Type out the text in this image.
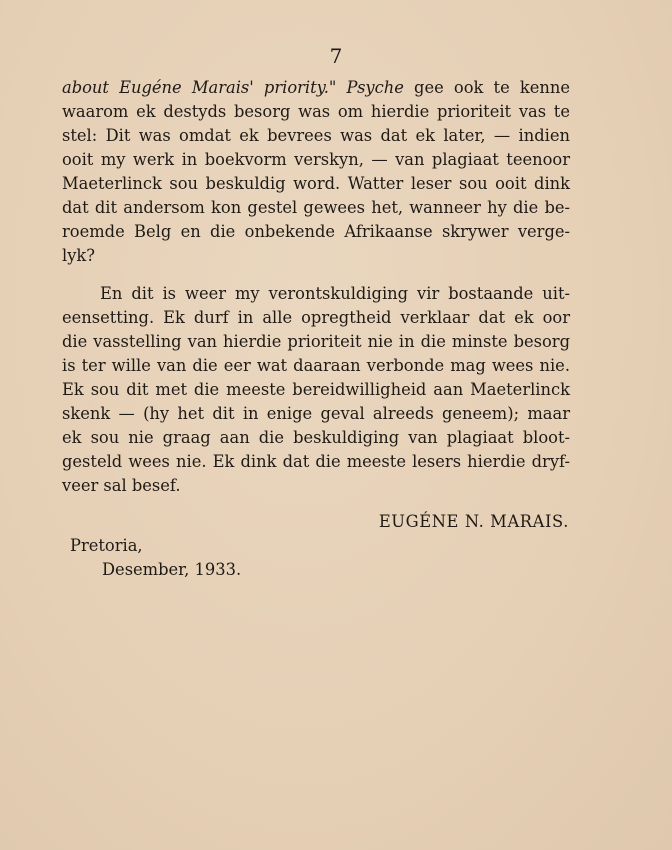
7
about Eugéne Marais' priority." Psyche gee ook te kenne
waarom ek destyds besorg was om hierdie prioriteit vas te
stel: Dit was omdat ek bevrees was dat ek later, — indien
ooit my werk in boekvorm verskyn, — van plagiaat teenoor
Maeterlinck sou beskuldig word. Watter leser sou ooit dink
dat dit andersom kon gestel gewees het, wanneer hy die be-
roemde Belg en die onbekende Afrikaanse skrywer verge-
lyk?
En dit is weer my verontskuldiging vir bostaande uit-
eensetting. Ek durf in alle opregtheid verklaar dat ek oor
die vasstelling van hierdie prioriteit nie in die minste besorg
is ter wille van die eer wat daaraan verbonde mag wees nie.
Ek sou dit met die meeste bereidwilligheid aan Maeterlinck
skenk — (hy het dit in enige geval alreeds geneem); maar
ek sou nie graag aan die beskuldiging van plagiaat bloot-
gesteld wees nie. Ek dink dat die meeste lesers hierdie dryf-
veer sal besef.
EUGÉNE N. MARAIS.
Pretoria,
Desember, 1933.
